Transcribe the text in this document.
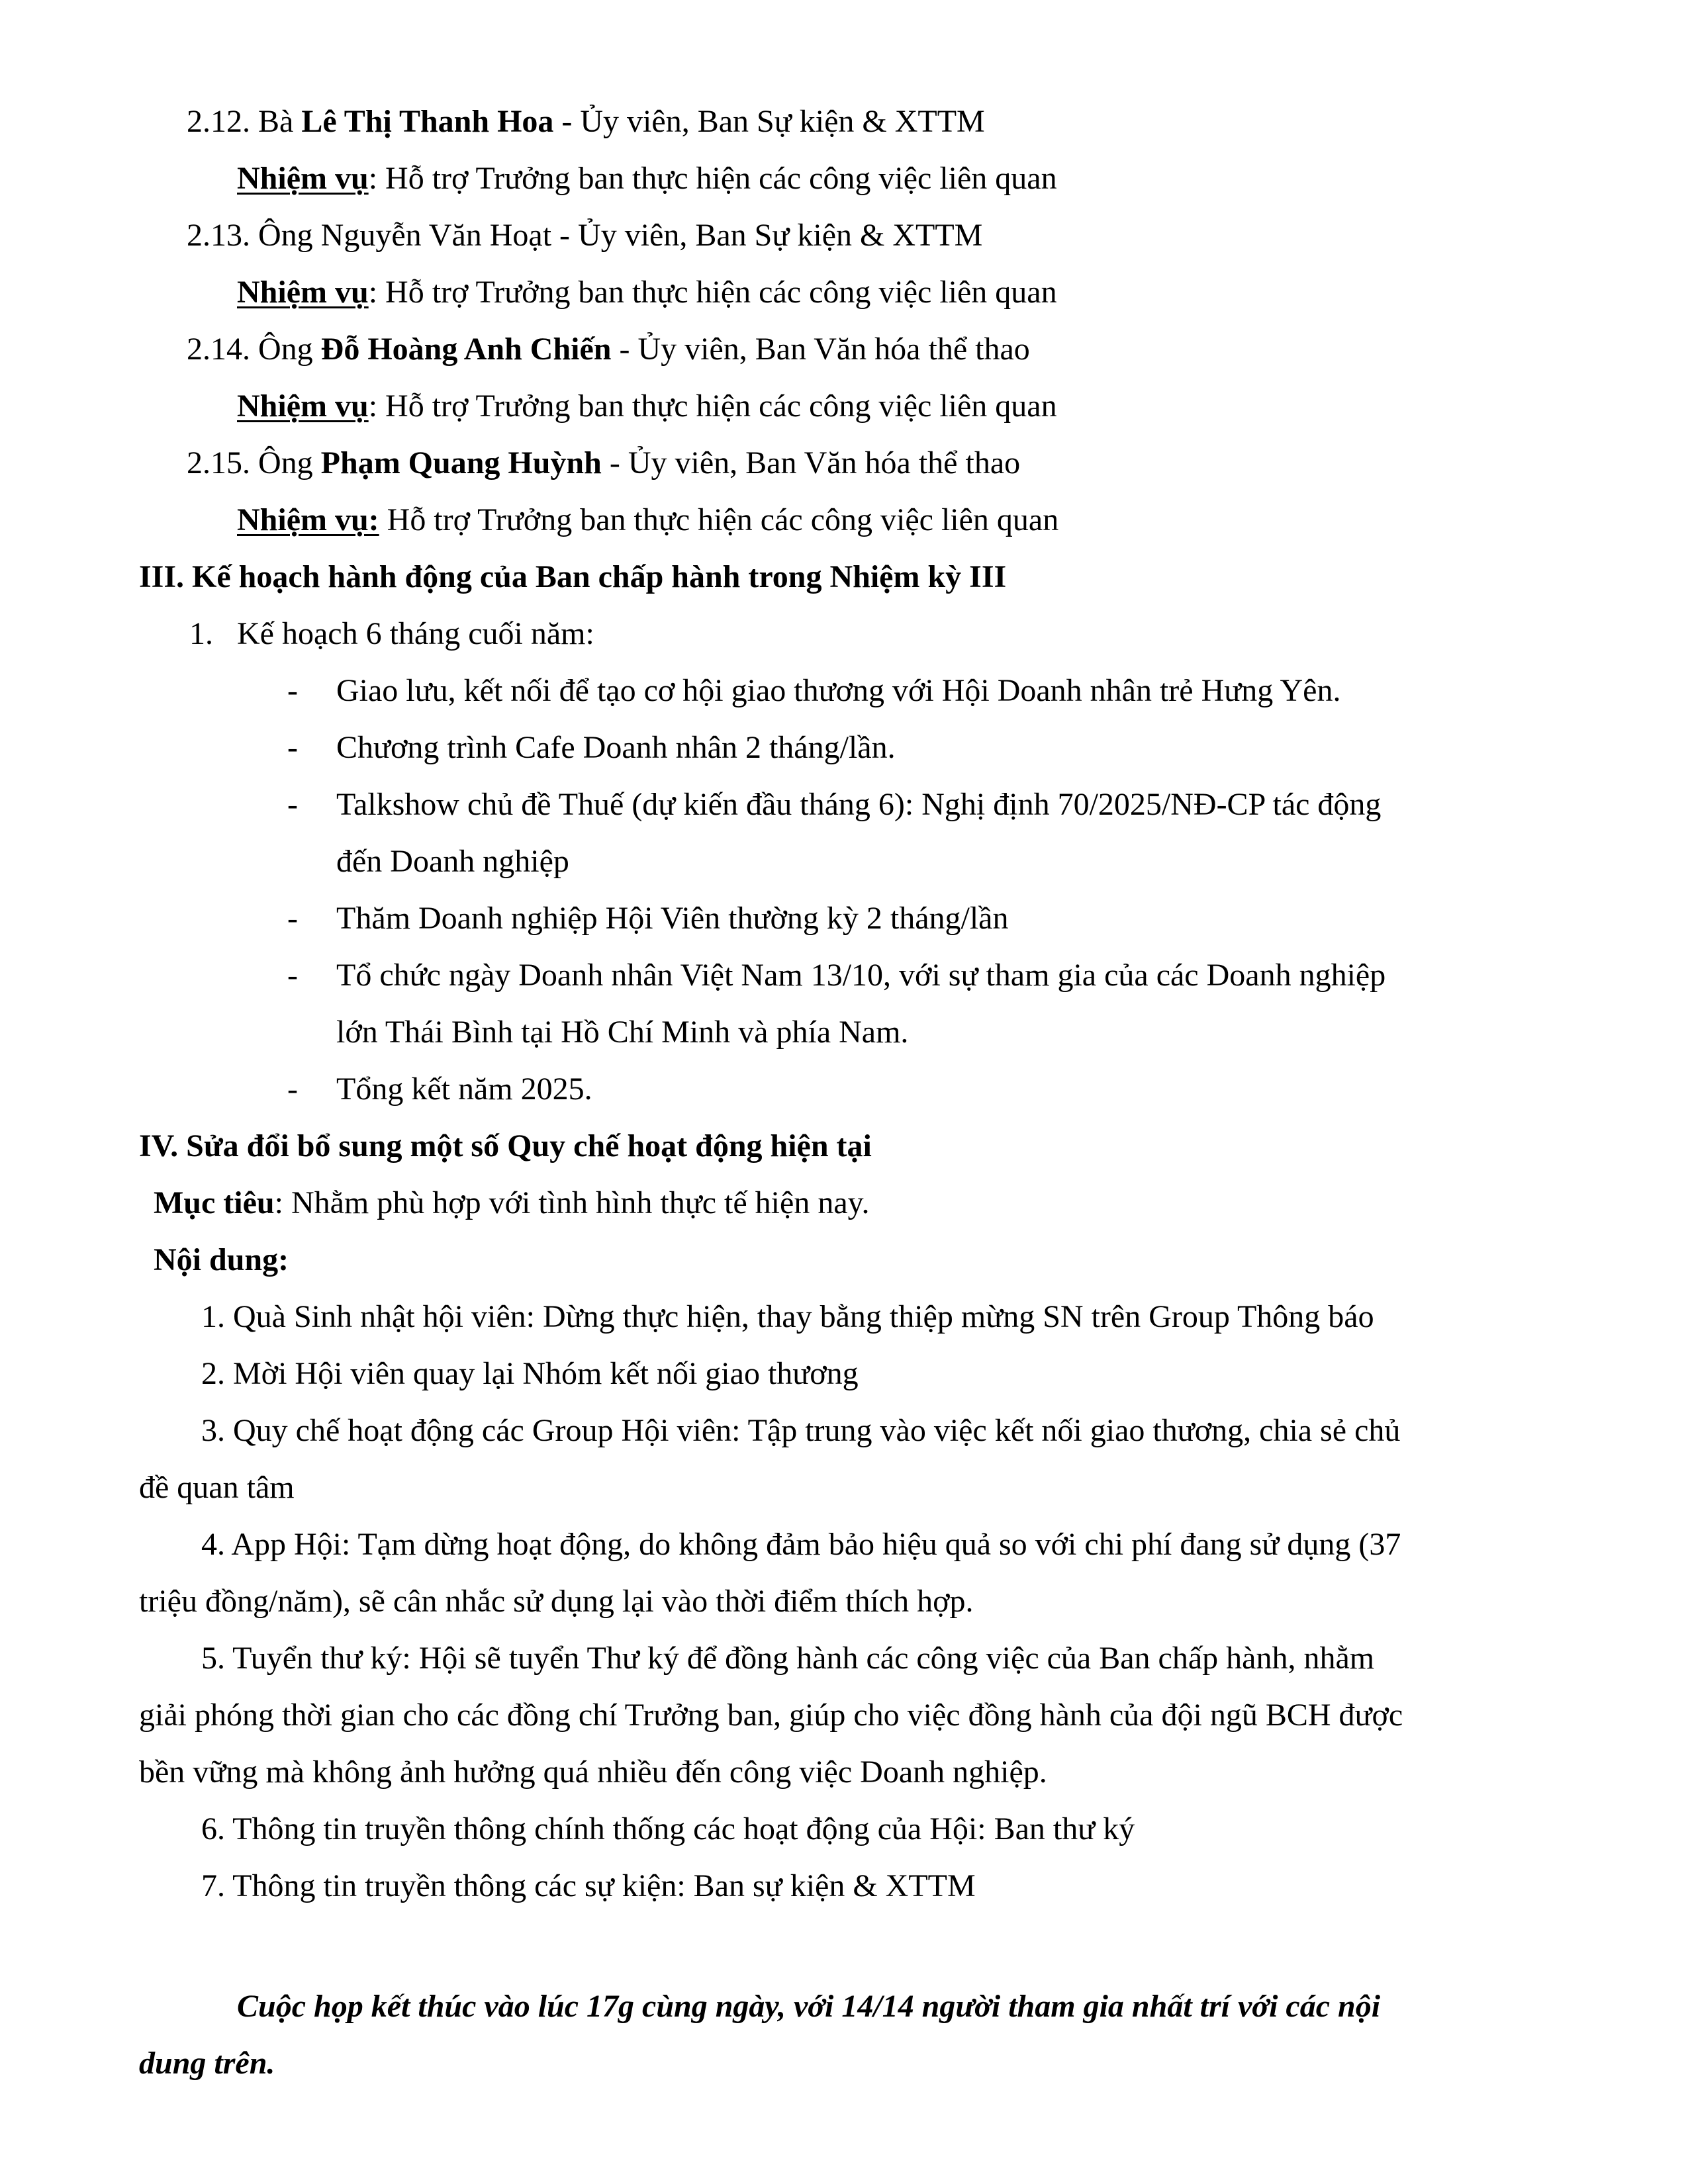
2.12. Bà Lê Thị Thanh Hoa - Ủy viên, Ban Sự kiện & XTTM
Nhiệm vụ: Hỗ trợ Trưởng ban thực hiện các công việc liên quan
2.13. Ông Nguyễn Văn Hoạt - Ủy viên, Ban Sự kiện & XTTM
Nhiệm vụ: Hỗ trợ Trưởng ban thực hiện các công việc liên quan
2.14. Ông Đỗ Hoàng Anh Chiến - Ủy viên, Ban Văn hóa thể thao
Nhiệm vụ: Hỗ trợ Trưởng ban thực hiện các công việc liên quan
2.15. Ông Phạm Quang Huỳnh - Ủy viên, Ban Văn hóa thể thao
Nhiệm vụ: Hỗ trợ Trưởng ban thực hiện các công việc liên quan
III. Kế hoạch hành động của Ban chấp hành trong Nhiệm kỳ III
1. Kế hoạch 6 tháng cuối năm:
- Giao lưu, kết nối để tạo cơ hội giao thương với Hội Doanh nhân trẻ Hưng Yên.
- Chương trình Cafe Doanh nhân 2 tháng/lần.
- Talkshow chủ đề Thuế (dự kiến đầu tháng 6): Nghị định 70/2025/NĐ-CP tác động
đến Doanh nghiệp
- Thăm Doanh nghiệp Hội Viên thường kỳ 2 tháng/lần
- Tổ chức ngày Doanh nhân Việt Nam 13/10, với sự tham gia của các Doanh nghiệp
lớn Thái Bình tại Hồ Chí Minh và phía Nam.
- Tổng kết năm 2025.
IV. Sửa đổi bổ sung một số Quy chế hoạt động hiện tại
Mục tiêu: Nhằm phù hợp với tình hình thực tế hiện nay.
Nội dung:
1. Quà Sinh nhật hội viên: Dừng thực hiện, thay bằng thiệp mừng SN trên Group Thông báo
2. Mời Hội viên quay lại Nhóm kết nối giao thương
3. Quy chế hoạt động các Group Hội viên: Tập trung vào việc kết nối giao thương, chia sẻ chủ
đề quan tâm
4. App Hội: Tạm dừng hoạt động, do không đảm bảo hiệu quả so với chi phí đang sử dụng (37
triệu đồng/năm), sẽ cân nhắc sử dụng lại vào thời điểm thích hợp.
5. Tuyển thư ký: Hội sẽ tuyển Thư ký để đồng hành các công việc của Ban chấp hành, nhằm
giải phóng thời gian cho các đồng chí Trưởng ban, giúp cho việc đồng hành của đội ngũ BCH được
bền vững mà không ảnh hưởng quá nhiều đến công việc Doanh nghiệp.
6. Thông tin truyền thông chính thống các hoạt động của Hội: Ban thư ký
7. Thông tin truyền thông các sự kiện: Ban sự kiện & XTTM
Cuộc họp kết thúc vào lúc 17g cùng ngày, với 14/14 người tham gia nhất trí với các nội
dung trên.
